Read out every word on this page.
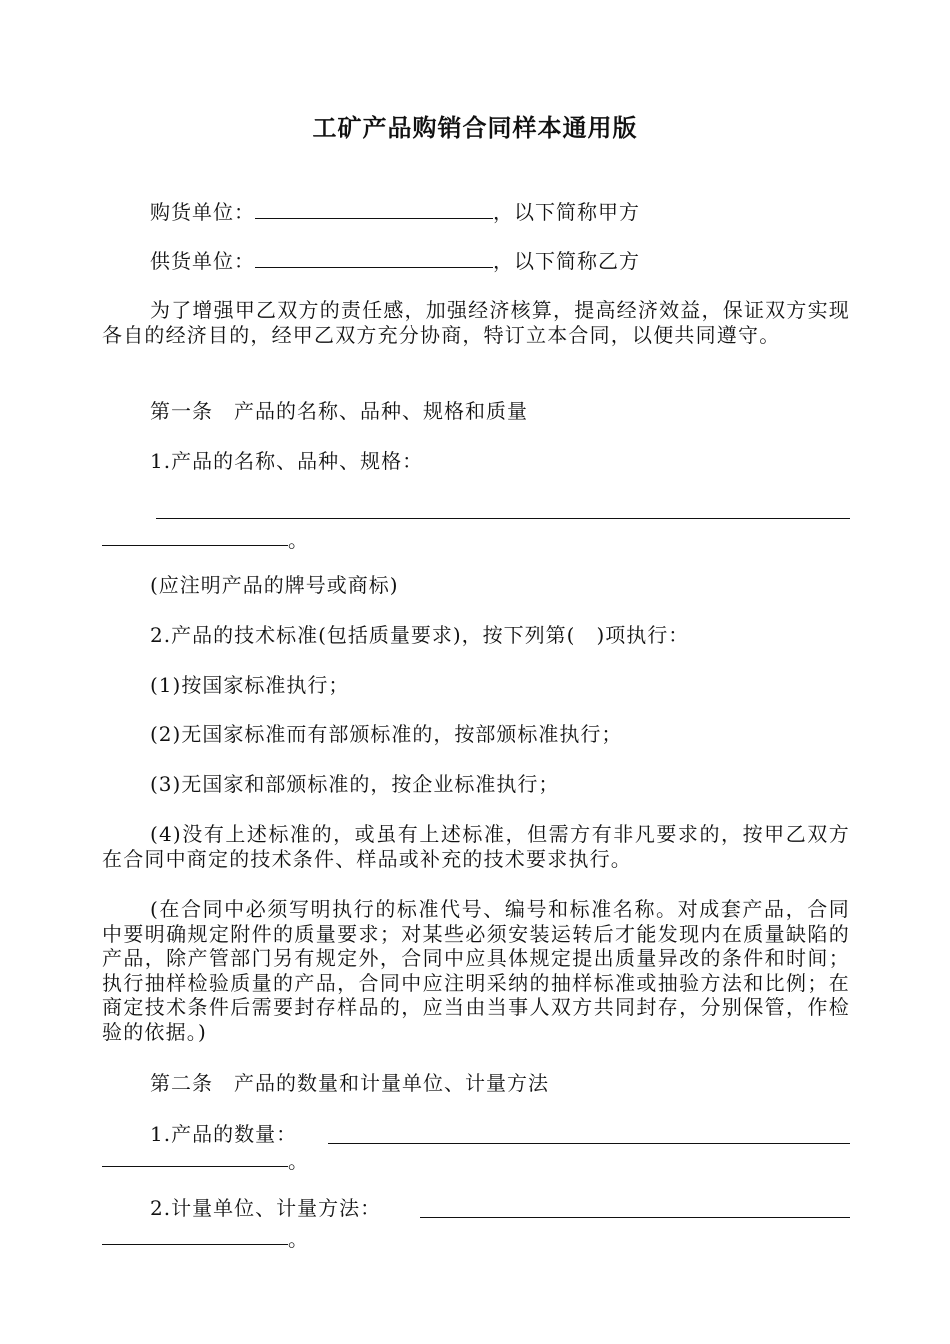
工矿产品购销合同样本通用版
购货单位：	，以下简称甲方
供货单位：	，以下简称乙方
为了增强甲乙双方的责任感，加强经济核算，提高经济效益，保证双方实现各自的经济目的，经甲乙双方充分协商，特订立本合同，以便共同遵守。
第一条　产品的名称、品种、规格和质量
1.产品的名称、品种、规格：
。
(应注明产品的牌号或商标)
2.产品的技术标准(包括质量要求)，按下列第(　)项执行：
(1)按国家标准执行；
(2)无国家标准而有部颁标准的，按部颁标准执行；
(3)无国家和部颁标准的，按企业标准执行；
(4)没有上述标准的，或虽有上述标准，但需方有非凡要求的，按甲乙双方在合同中商定的技术条件、样品或补充的技术要求执行。
(在合同中必须写明执行的标准代号、编号和标准名称。对成套产品，合同中要明确规定附件的质量要求；对某些必须安装运转后才能发现内在质量缺陷的产品，除产管部门另有规定外，合同中应具体规定提出质量异改的条件和时间；执行抽样检验质量的产品，合同中应注明采纳的抽样标准或抽验方法和比例；在商定技术条件后需要封存样品的，应当由当事人双方共同封存，分别保管，作检验的依据。)
第二条　产品的数量和计量单位、计量方法
1.产品的数量：
。
2.计量单位、计量方法：
。
